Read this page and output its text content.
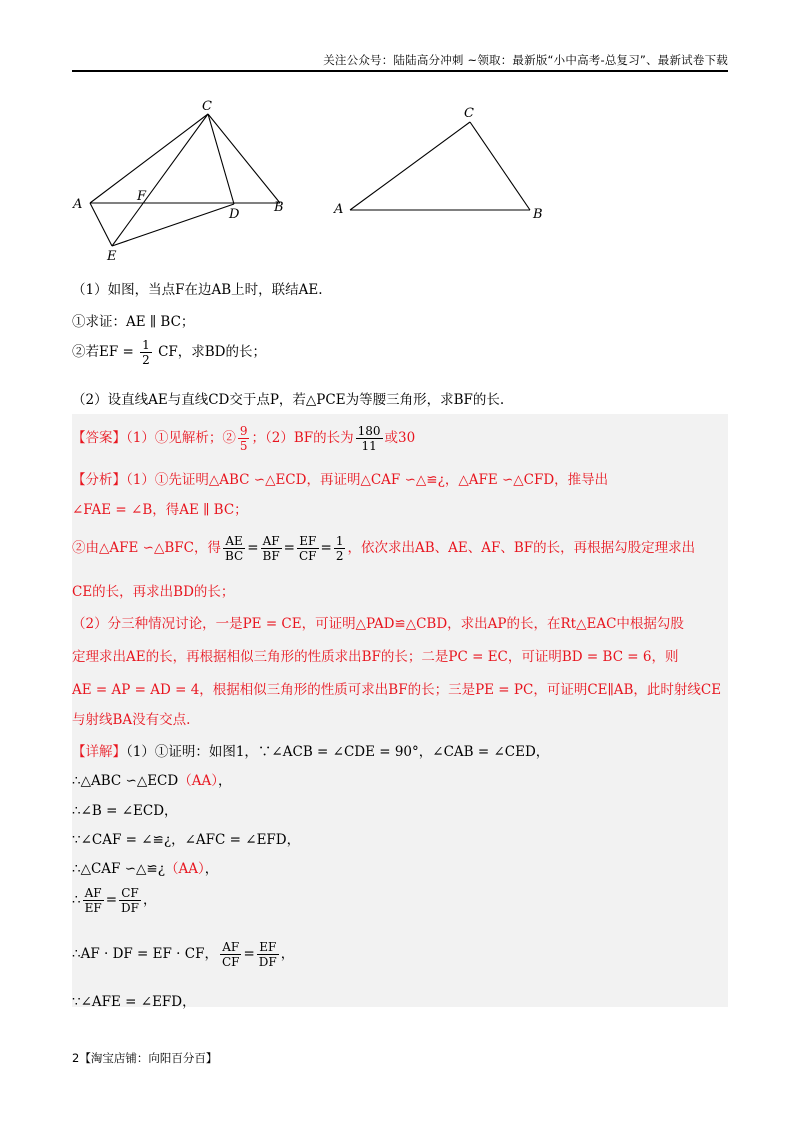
关注公众号：陆陆高分冲刺 ~领取：最新版“小中高考-总复习”、最新试卷下载
C
A	B
F
D
E
C
A	B
（1）如图，当点F在边AB上时，联结AE.
①求证：AE ∥ BC；
②若EF = $\frac{1}{2}$ CF，求BD的长；
（2）设直线AE与直线CD交于点P，若△PCE为等腰三角形，求BF的长.
【答案】（1）①见解析；② $\frac{9}{5}$ ；（2）BF的长为 $\frac{180}{11}$ 或30
【分析】（1）①先证明△ABC ∽△ECD，再证明△CAF ∽△≌¿，△AFE ∽△CFD，推导出
∠FAE = ∠B，得AE ∥ BC；
②由△AFE ∽△BFC，得 $\frac{AE}{BC} = \frac{AF}{BF} = \frac{EF}{CF} = \frac{1}{2}$ ，依次求出AB、AE、AF、BF的长，再根据勾股定理求出
CE的长，再求出BD的长；
（2）分三种情况讨论，一是PE = CE，可证明△PAD≌△CBD，求出AP的长，在Rt△EAC中根据勾股
定理求出AE的长，再根据相似三角形的性质求出BF的长；二是PC = EC，可证明BD = BC = 6，则
AE = AP = AD = 4，根据相似三角形的性质可求出BF的长；三是PE = PC，可证明CE∥AB，此时射线CE
与射线BA没有交点.
【详解】（1）①证明：如图1，∵∠ACB = ∠CDE = 90°，∠CAB = ∠CED，
∴△ABC ∽△ECD（AA），
∴∠B = ∠ECD，
∵∠CAF = ∠≌¿，∠AFC = ∠EFD，
∴△CAF ∽△≌¿（AA），
∴ $\frac{AF}{EF} = \frac{CF}{DF}$ ，
∴AF · DF = EF · CF， $\frac{AF}{CF} = \frac{EF}{DF}$ ，
∵∠AFE = ∠EFD，
2【淘宝店铺：向阳百分百】
